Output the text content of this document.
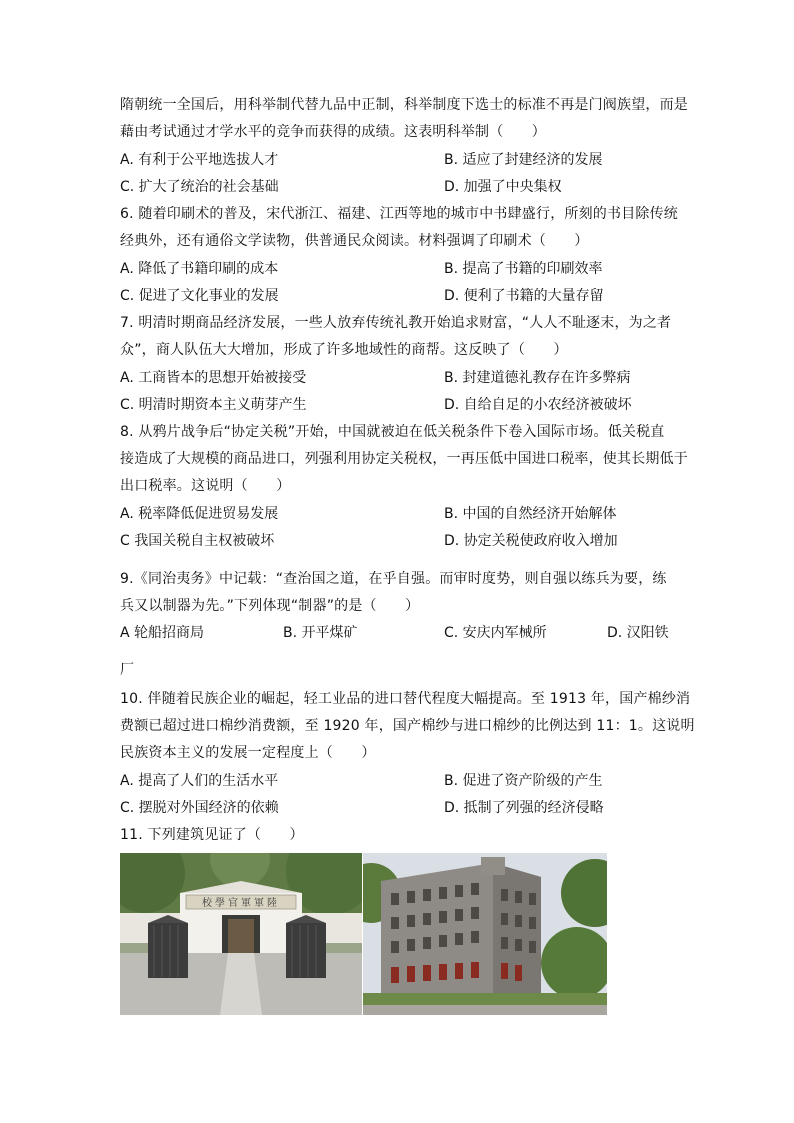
隋朝统一全国后，用科举制代替九品中正制，科举制度下选士的标准不再是门阀族望，而是
藉由考试通过才学水平的竞争而获得的成绩。这表明科举制（　　）
A. 有利于公平地选拔人才	B. 适应了封建经济的发展
C. 扩大了统治的社会基础	D. 加强了中央集权
6. 随着印刷术的普及，宋代浙江、福建、江西等地的城市中书肆盛行，所刻的书目除传统
经典外，还有通俗文学读物，供普通民众阅读。材料强调了印刷术（　　）
A. 降低了书籍印刷的成本	B. 提高了书籍的印刷效率
C. 促进了文化事业的发展	D. 便利了书籍的大量存留
7. 明清时期商品经济发展，一些人放弃传统礼教开始追求财富，“人人不耻逐末，为之者
众”，商人队伍大大增加，形成了许多地域性的商帮。这反映了（　　）
A. 工商皆本的思想开始被接受	B. 封建道德礼教存在许多弊病
C. 明清时期资本主义萌芽产生	D. 自给自足的小农经济被破坏
8. 从鸦片战争后“协定关税”开始，中国就被迫在低关税条件下卷入国际市场。低关税直
接造成了大规模的商品进口，列强利用协定关税权，一再压低中国进口税率，使其长期低于
出口税率。这说明（　　）
A. 税率降低促进贸易发展	B. 中国的自然经济开始解体
C 我国关税自主权被破坏	D. 协定关税使政府收入增加
9.《同治夷务》中记载：“查治国之道，在乎自强。而审时度势，则自强以练兵为要，练
兵又以制器为先。”下列体现“制器”的是（　　）
A 轮船招商局	B. 开平煤矿	C. 安庆内军械所	D. 汉阳铁
厂
10. 伴随着民族企业的崛起，轻工业品的进口替代程度大幅提高。至 1913 年，国产棉纱消
费额已超过进口棉纱消费额，至 1920 年，国产棉纱与进口棉纱的比例达到 11：1。这说明
民族资本主义的发展一定程度上（　　）
A. 提高了人们的生活水平	B. 促进了资产阶级的产生
C. 摆脱对外国经济的依赖	D. 抵制了列强的经济侵略
11. 下列建筑见证了（　　）
校學官軍軍陸
